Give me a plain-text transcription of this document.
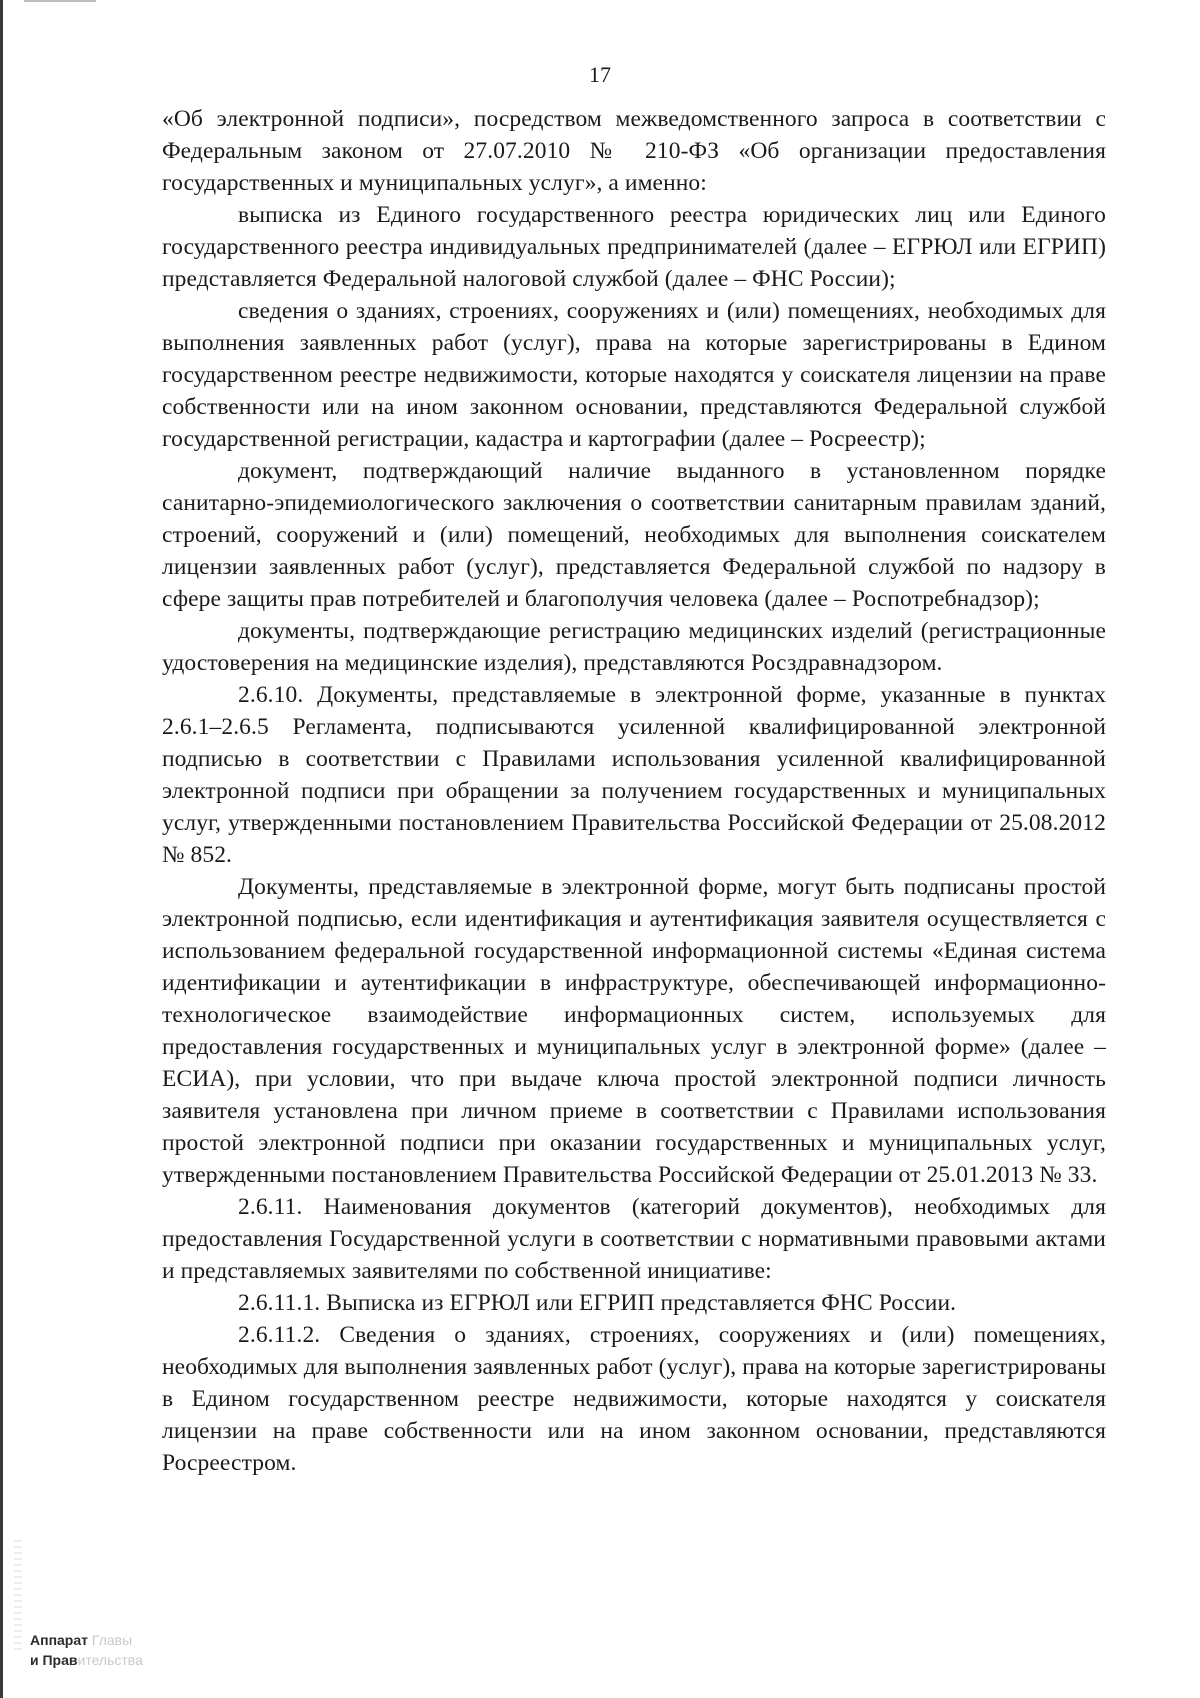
17

«Об электронной подписи», посредством межведомственного запроса в соответствии с Федеральным законом от 27.07.2010 № 210-ФЗ «Об организации предоставления государственных и муниципальных услуг», а именно:

выписка из Единого государственного реестра юридических лиц или Единого государственного реестра индивидуальных предпринимателей (далее – ЕГРЮЛ или ЕГРИП) представляется Федеральной налоговой службой (далее – ФНС России);

сведения о зданиях, строениях, сооружениях и (или) помещениях, необходимых для выполнения заявленных работ (услуг), права на которые зарегистрированы в Едином государственном реестре недвижимости, которые находятся у соискателя лицензии на праве собственности или на ином законном основании, представляются Федеральной службой государственной регистрации, кадастра и картографии (далее – Росреестр);

документ, подтверждающий наличие выданного в установленном порядке санитарно-эпидемиологического заключения о соответствии санитарным правилам зданий, строений, сооружений и (или) помещений, необходимых для выполнения соискателем лицензии заявленных работ (услуг), представляется Федеральной службой по надзору в сфере защиты прав потребителей и благополучия человека (далее – Роспотребнадзор);

документы, подтверждающие регистрацию медицинских изделий (регистрационные удостоверения на медицинские изделия), представляются Росздравнадзором.

2.6.10. Документы, представляемые в электронной форме, указанные в пунктах 2.6.1–2.6.5 Регламента, подписываются усиленной квалифицированной электронной подписью в соответствии с Правилами использования усиленной квалифицированной электронной подписи при обращении за получением государственных и муниципальных услуг, утвержденными постановлением Правительства Российской Федерации от 25.08.2012 № 852.

Документы, представляемые в электронной форме, могут быть подписаны простой электронной подписью, если идентификация и аутентификация заявителя осуществляется с использованием федеральной государственной информационной системы «Единая система идентификации и аутентификации в инфраструктуре, обеспечивающей информационно-технологическое взаимодействие информационных систем, используемых для предоставления государственных и муниципальных услуг в электронной форме» (далее – ЕСИА), при условии, что при выдаче ключа простой электронной подписи личность заявителя установлена при личном приеме в соответствии с Правилами использования простой электронной подписи при оказании государственных и муниципальных услуг, утвержденными постановлением Правительства Российской Федерации от 25.01.2013 № 33.

2.6.11. Наименования документов (категорий документов), необходимых для предоставления Государственной услуги в соответствии с нормативными правовыми актами и представляемых заявителями по собственной инициативе:

2.6.11.1. Выписка из ЕГРЮЛ или ЕГРИП представляется ФНС России.

2.6.11.2. Сведения о зданиях, строениях, сооружениях и (или) помещениях, необходимых для выполнения заявленных работ (услуг), права на которые зарегистрированы в Едином государственном реестре недвижимости, которые находятся у соискателя лицензии на праве собственности или на ином законном основании, представляются Росреестром.

Аппарат Главы
и Правительства
